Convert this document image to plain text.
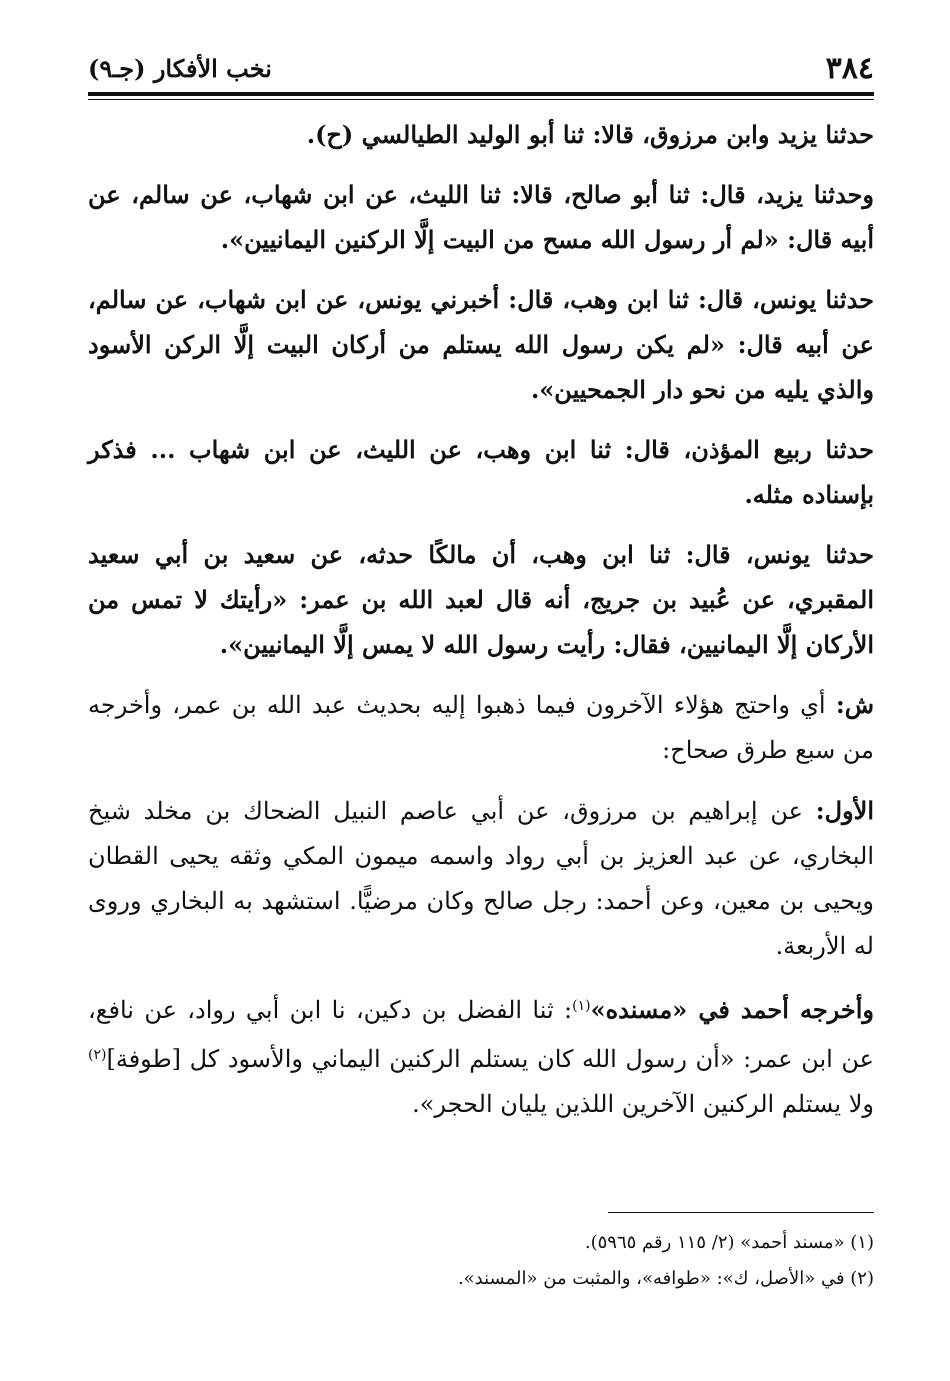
٣٨٤
نخب الأفكار (جـ٩)

حدثنا يزيد وابن مرزوق، قالا: ثنا أبو الوليد الطيالسي (ح).

وحدثنا يزيد، قال: ثنا أبو صالح، قالا: ثنا الليث، عن ابن شهاب، عن سالم، عن أبيه قال: «لم أر رسول الله مسح من البيت إلَّا الركنين اليمانيين».

حدثنا يونس، قال: ثنا ابن وهب، قال: أخبرني يونس، عن ابن شهاب، عن سالم، عن أبيه قال: «لم يكن رسول الله يستلم من أركان البيت إلَّا الركن الأسود والذي يليه من نحو دار الجمحيين».

حدثنا ربيع المؤذن، قال: ثنا ابن وهب، عن الليث، عن ابن شهاب ... فذكر بإسناده مثله.

حدثنا يونس، قال: ثنا ابن وهب، أن مالكًا حدثه، عن سعيد بن أبي سعيد المقبري، عن عُبيد بن جريج، أنه قال لعبد الله بن عمر: «رأيتك لا تمس من الأركان إلَّا اليمانيين، فقال: رأيت رسول الله لا يمس إلَّا اليمانيين».

ش: أي واحتج هؤلاء الآخرون فيما ذهبوا إليه بحديث عبد الله بن عمر، وأخرجه من سبع طرق صحاح:

الأول: عن إبراهيم بن مرزوق، عن أبي عاصم النبيل الضحاك بن مخلد شيخ البخاري، عن عبد العزيز بن أبي رواد واسمه ميمون المكي وثقه يحيى القطان ويحيى بن معين، وعن أحمد: رجل صالح وكان مرضيًّا. استشهد به البخاري وروى له الأربعة.

وأخرجه أحمد في «مسنده»$^{(١)}$: ثنا الفضل بن دكين، نا ابن أبي رواد، عن نافع، عن ابن عمر: «أن رسول الله كان يستلم الركنين اليماني والأسود كل [طوفة]$^{(٢)}$ ولا يستلم الركنين الآخرين اللذين يليان الحجر».

(١) «مسند أحمد» (٢/ ١١٥ رقم ٥٩٦٥).

(٢) في «الأصل، ك»: «طوافه»، والمثبت من «المسند».
